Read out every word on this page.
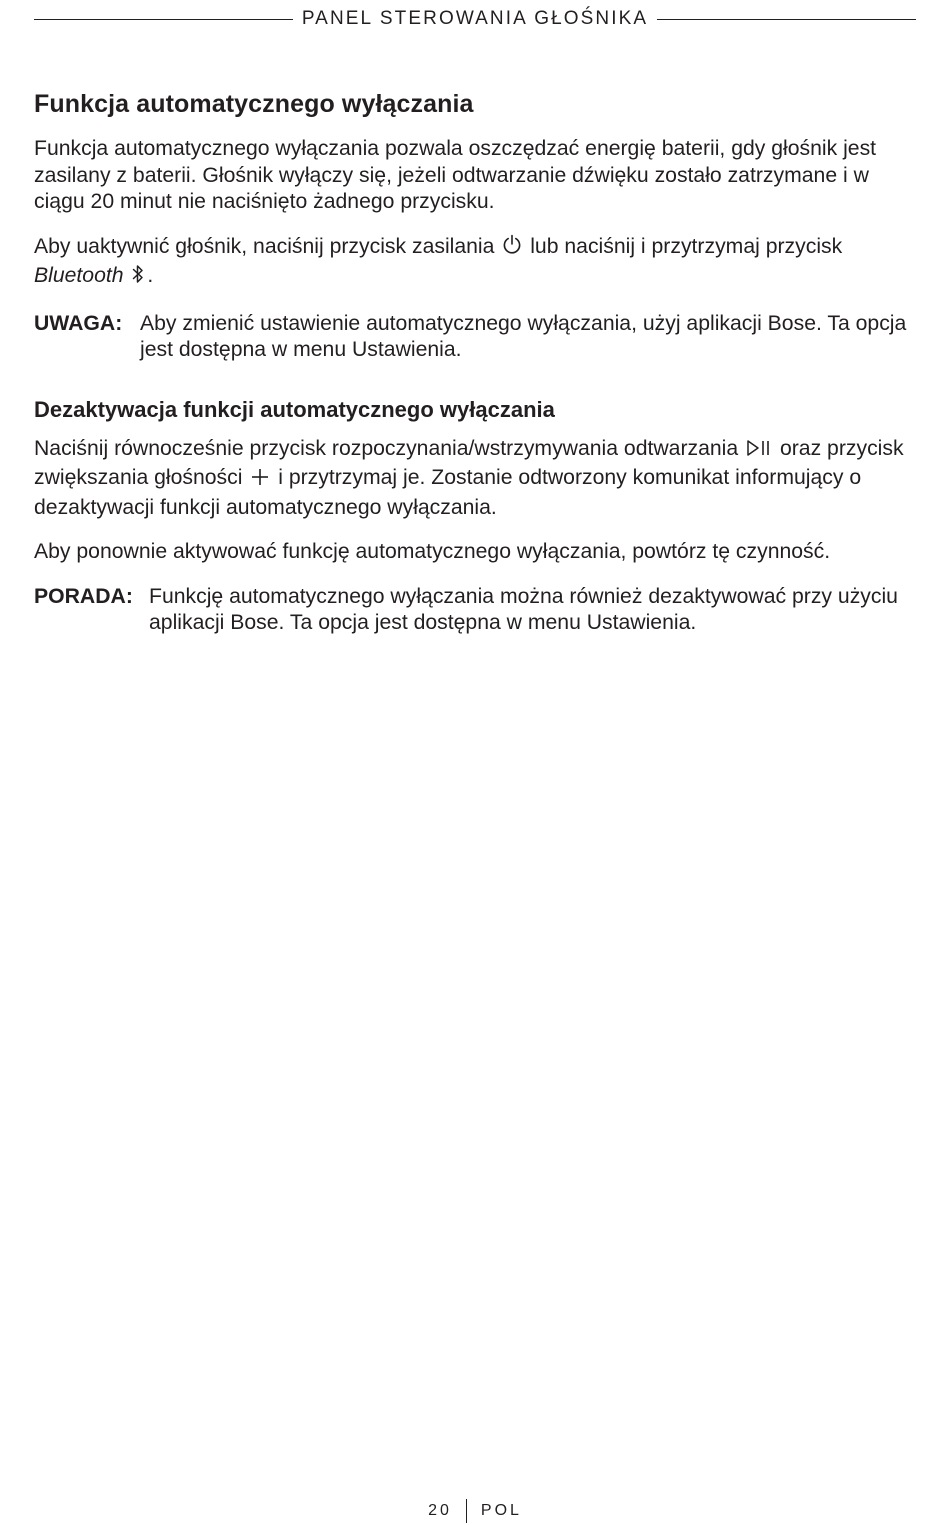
PANEL STEROWANIA GŁOŚNIKA
Funkcja automatycznego wyłączania

Funkcja automatycznego wyłączania pozwala oszczędzać energię baterii, gdy głośnik jest zasilany z baterii. Głośnik wyłączy się, jeżeli odtwarzanie dźwięku zostało zatrzymane i w ciągu 20 minut nie naciśnięto żadnego przycisku.

Aby uaktywnić głośnik, naciśnij przycisk zasilania lub naciśnij i przytrzymaj przycisk Bluetooth .

UWAGA: Aby zmienić ustawienie automatycznego wyłączania, użyj aplikacji Bose. Ta opcja jest dostępna w menu Ustawienia.
Dezaktywacja funkcji automatycznego wyłączania

Naciśnij równocześnie przycisk rozpoczynania/wstrzymywania odtwarzania oraz przycisk zwiększania głośności i przytrzymaj je. Zostanie odtworzony komunikat informujący o dezaktywacji funkcji automatycznego wyłączania.

Aby ponownie aktywować funkcję automatycznego wyłączania, powtórz tę czynność.

PORADA: Funkcję automatycznego wyłączania można również dezaktywować przy użyciu aplikacji Bose. Ta opcja jest dostępna w menu Ustawienia.
20 POL
